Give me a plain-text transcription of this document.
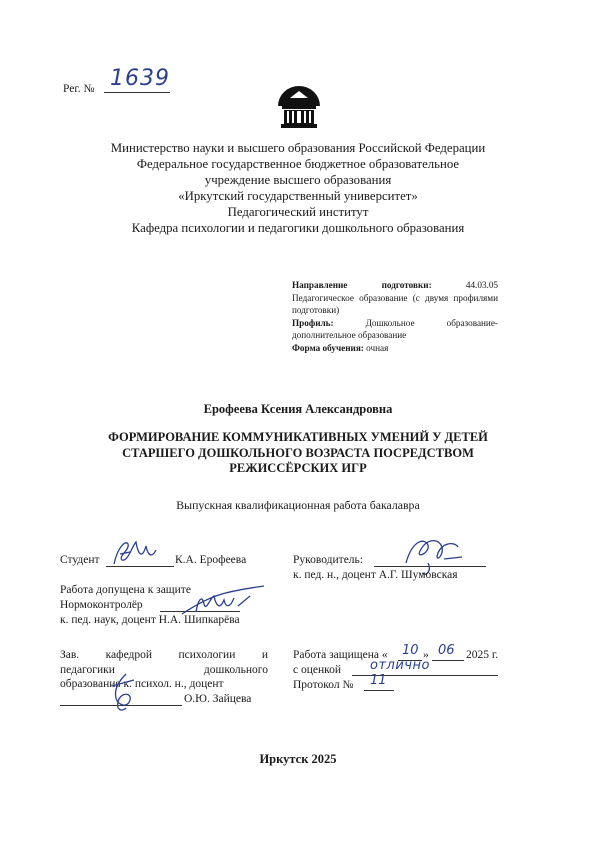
Рег. № 1639
Министерство науки и высшего образования Российской Федерации
Федеральное государственное бюджетное образовательное
учреждение высшего образования
«Иркутский государственный университет»
Педагогический институт
Кафедра психологии и педагогики дошкольного образования
Направление подготовки:	44.03.05 Педагогическое образование (с двумя профилями подготовки)
Профиль:	Дошкольное образование-дополнительное образование
Форма обучения: очная
Ерофеева Ксения Александровна
ФОРМИРОВАНИЕ КОММУНИКАТИВНЫХ УМЕНИЙ У ДЕТЕЙ
СТАРШЕГО ДОШКОЛЬНОГО ВОЗРАСТА ПОСРЕДСТВОМ
РЕЖИССЁРСКИХ ИГР
Выпускная квалификационная работа бакалавра
Студент	К.А. Ерофеева	Руководитель:
к. пед. н., доцент А.Г. Шумовская
Работа допущена к защите
Нормоконтролёр
к. пед. наук, доцент Н.А. Шипкарёва
Зав. кафедрой психологии и
педагогики	дошкольного
образования к. психол. н., доцент
О.Ю. Зайцева
Работа защищена « 10 » 06 2025 г.
с оценкой отлично
Протокол № 11
Иркутск 2025
